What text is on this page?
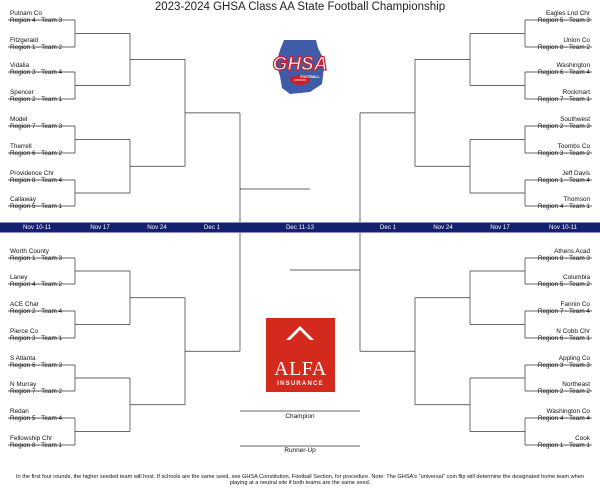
2023-2024 GHSA Class AA State Football Championship
Putnam Co
Region 4 - Team 3
Fitzgerald
Region 1 - Team 2
Vidalia
Region 3 - Team 4
Spencer
Region 2 - Team 1
Model
Region 7 - Team 3
Therrell
Region 6 - Team 2
Providence Chr
Region 8 - Team 4
Callaway
Region 5 - Team 1
Worth County
Region 1 - Team 3
Laney
Region 4 - Team 2
ACE Char
Region 2 - Team 4
Pierce Co
Region 3 - Team 1
S Atlanta
Region 6 - Team 3
N Murray
Region 7 - Team 2
Redan
Region 5 - Team 4
Fellowship Chr
Region 8 - Team 1
Eagles Lnd Chr
Region 5 - Team 3
Union Co
Region 8 - Team 2
Washington
Region 6 - Team 4
Rockmart
Region 7 - Team 1
Southwest
Region 2 - Team 3
Toombs Co
Region 3 - Team 2
Jeff Davis
Region 1 - Team 4
Thomson
Region 4 - Team 1
Athens Acad
Region 8 - Team 3
Columbia
Region 5 - Team 2
Fannin Co
Region 7 - Team 4
N Cobb Chr
Region 6 - Team 1
Appling Co
Region 3 - Team 3
Northeast
Region 2 - Team 2
Washington Co
Region 4 - Team 4
Cook
Region 1 - Team 1
Nov 10-11	Nov 17	Nov 24	Dec 1	Dec 11-13	Dec 1	Nov 24	Nov 17	Nov 10-11
GHSA
FOOTBALL
ALFA
INSURANCE
Champion
Runner-Up
In the first four rounds, the higher seeded team will host. If schools are the same seed, see GHSA Constitution, Football Section, for procedure. Note: The GHSA's "universal" coin flip will determine the designated home team when playing at a neutral site if both teams are the same seed.
